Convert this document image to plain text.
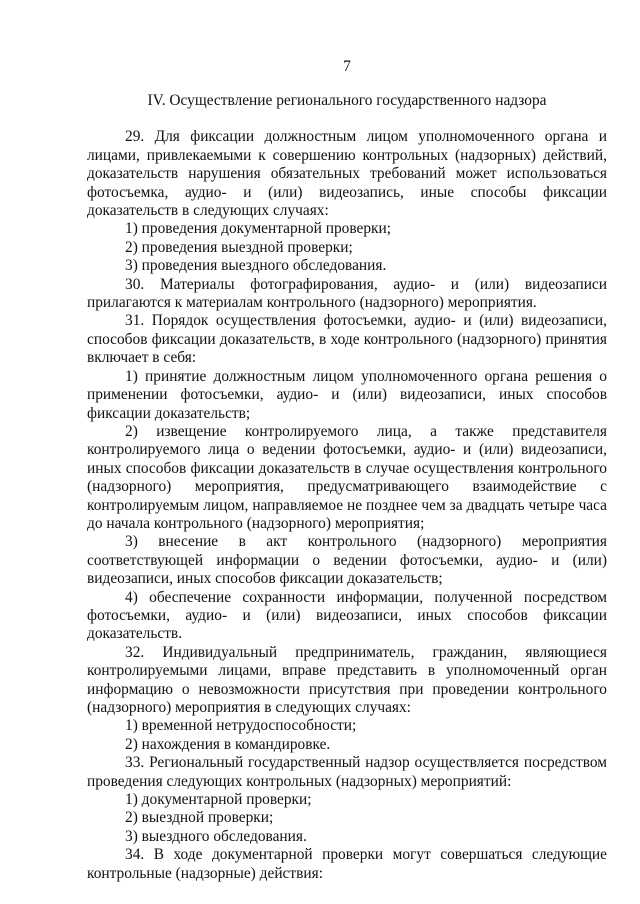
7
IV. Осуществление регионального государственного надзора

29. Для фиксации должностным лицом уполномоченного органа и лицами, привлекаемыми к совершению контрольных (надзорных) действий, доказательств нарушения обязательных требований может использоваться фотосъемка, аудио- и (или) видеозапись, иные способы фиксации доказательств в следующих случаях:

1) проведения документарной проверки;

2) проведения выездной проверки;

3) проведения выездного обследования.

30. Материалы фотографирования, аудио- и (или) видеозаписи прилагаются к материалам контрольного (надзорного) мероприятия.

31. Порядок осуществления фотосъемки, аудио- и (или) видеозаписи, способов фиксации доказательств, в ходе контрольного (надзорного) принятия включает в себя:

1) принятие должностным лицом уполномоченного органа решения о применении фотосъемки, аудио- и (или) видеозаписи, иных способов фиксации доказательств;

2) извещение контролируемого лица, а также представителя контролируемого лица о ведении фотосъемки, аудио- и (или) видеозаписи, иных способов фиксации доказательств в случае осуществления контрольного (надзорного) мероприятия, предусматривающего взаимодействие с контролируемым лицом, направляемое не позднее чем за двадцать четыре часа до начала контрольного (надзорного) мероприятия;

3) внесение в акт контрольного (надзорного) мероприятия соответствующей информации о ведении фотосъемки, аудио- и (или) видеозаписи, иных способов фиксации доказательств;

4) обеспечение сохранности информации, полученной посредством фотосъемки, аудио- и (или) видеозаписи, иных способов фиксации доказательств.

32. Индивидуальный предприниматель, гражданин, являющиеся контролируемыми лицами, вправе представить в уполномоченный орган информацию о невозможности присутствия при проведении контрольного (надзорного) мероприятия в следующих случаях:

1) временной нетрудоспособности;

2) нахождения в командировке.

33. Региональный государственный надзор осуществляется посредством проведения следующих контрольных (надзорных) мероприятий:

1) документарной проверки;

2) выездной проверки;

3) выездного обследования.

34. В ходе документарной проверки могут совершаться следующие контрольные (надзорные) действия:
